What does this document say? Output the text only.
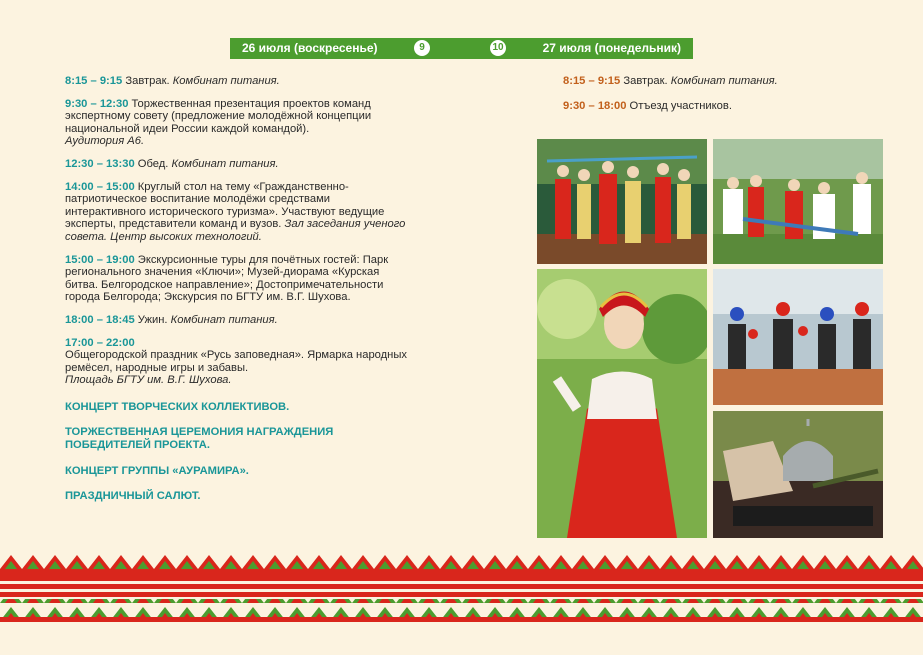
26 июля (воскресенье)	9	10	27 июля (понедельник)
8:15 – 9:15 Завтрак. Комбинат питания.
9:30 – 12:30 Торжественная презентация проектов команд экспертному совету (предложение молодёжной концепции национальной идеи России каждой командой).
Аудитория А6.
12:30 – 13:30 Обед. Комбинат питания.
14:00 – 15:00 Круглый стол на тему «Гражданственно-патриотическое воспитание молодёжи средствами интерактивного исторического туризма». Участвуют ведущие эксперты, представители команд и вузов. Зал заседания ученого совета. Центр высоких технологий.
15:00 – 19:00 Экскурсионные туры для почётных гостей: Парк регионального значения «Ключи»; Музей-диорама «Курская битва. Белгородское направление»; Достопримечательности города Белгорода; Экскурсия по БГТУ им. В.Г. Шухова.
18:00 – 18:45 Ужин. Комбинат питания.
17:00 – 22:00
Общегородской праздник «Русь заповедная». Ярмарка народных ремёсел, народные игры и забавы.
Площадь БГТУ им. В.Г. Шухова.
КОНЦЕРТ ТВОРЧЕСКИХ КОЛЛЕКТИВОВ.
ТОРЖЕСТВЕННАЯ ЦЕРЕМОНИЯ НАГРАЖДЕНИЯ ПОБЕДИТЕЛЕЙ ПРОЕКТА.
КОНЦЕРТ ГРУППЫ «АУРАМИРА».
ПРАЗДНИЧНЫЙ САЛЮТ.
8:15 – 9:15 Завтрак. Комбинат питания.
9:30 – 18:00 Отъезд участников.
